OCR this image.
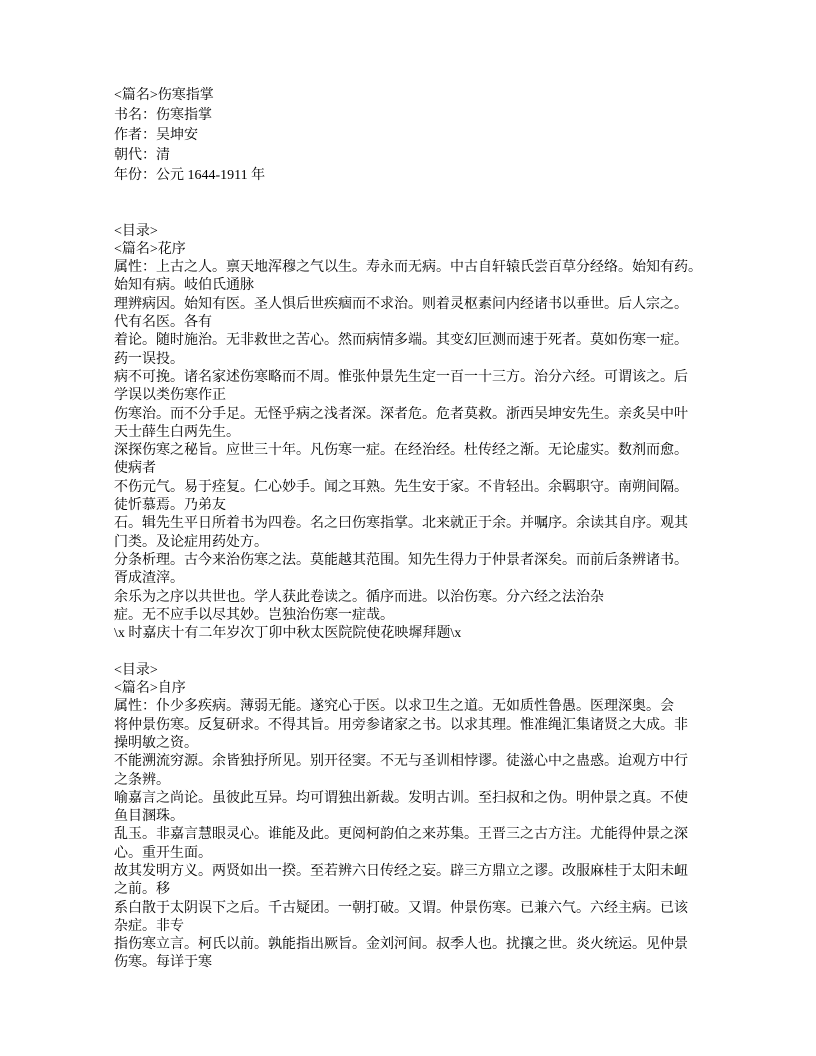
<篇名>伤寒指掌
书名：伤寒指掌
作者：吴坤安
朝代：清
年份：公元 1644-1911 年
<目录>
<篇名>花序
属性：上古之人。禀天地浑穆之气以生。寿永而无病。中古自轩辕氏尝百草分经络。始知有药。
始知有病。岐伯氏通脉
理辨病因。始知有医。圣人惧后世疾痼而不求治。则着灵枢素问内经诸书以垂世。后人宗之。
代有名医。各有
着论。随时施治。无非救世之苦心。然而病情多端。其变幻叵测而速于死者。莫如伤寒一症。
药一误投。
病不可挽。诸名家述伤寒略而不周。惟张仲景先生定一百一十三方。治分六经。可谓该之。后
学误以类伤寒作正
伤寒治。而不分手足。无怪乎病之浅者深。深者危。危者莫救。浙西吴坤安先生。亲炙吴中叶
天士薛生白两先生。
深探伤寒之秘旨。应世三十年。凡伤寒一症。在经治经。杜传经之渐。无论虚实。数剂而愈。
使病者
不伤元气。易于痊复。仁心妙手。闻之耳熟。先生安于家。不肯轻出。余羁职守。南朔间隔。
徒忻慕焉。乃弟友
石。辑先生平日所着书为四卷。名之曰伤寒指掌。北来就正于余。并嘱序。余读其自序。观其
门类。及论症用药处方。
分条析理。古今来治伤寒之法。莫能越其范围。知先生得力于仲景者深矣。而前后条辨诸书。
胥成渣滓。
余乐为之序以共世也。学人获此卷读之。循序而进。以治伤寒。分六经之法治杂
症。无不应手以尽其妙。岂独治伤寒一症哉。
\x 时嘉庆十有二年岁次丁卯中秋太医院院使花映墀拜题\x
<目录>
<篇名>自序
属性：仆少多疾病。薄弱无能。遂究心于医。以求卫生之道。无如质性鲁愚。医理深奥。会
将仲景伤寒。反复研求。不得其旨。用旁参诸家之书。以求其理。惟准绳汇集诸贤之大成。非
操明敏之资。
不能溯流穷源。余皆独抒所见。别开径窦。不无与圣训相悖谬。徒滋心中之蛊惑。迨观方中行
之条辨。
喻嘉言之尚论。虽彼此互异。均可谓独出新裁。发明古训。至扫叔和之伪。明仲景之真。不使
鱼目溷珠。
乱玉。非嘉言慧眼灵心。谁能及此。更阅柯韵伯之来苏集。王晋三之古方注。尤能得仲景之深
心。重开生面。
故其发明方义。两贤如出一揆。至若辨六日传经之妄。辟三方鼎立之谬。改服麻桂于太阳未衄
之前。移
系白散于太阴误下之后。千古疑团。一朝打破。又谓。仲景伤寒。已兼六气。六经主病。已该
杂症。非专
指伤寒立言。柯氏以前。孰能指出厥旨。金刘河间。叔季人也。扰攘之世。炎火统运。见仲景
伤寒。每详于寒
